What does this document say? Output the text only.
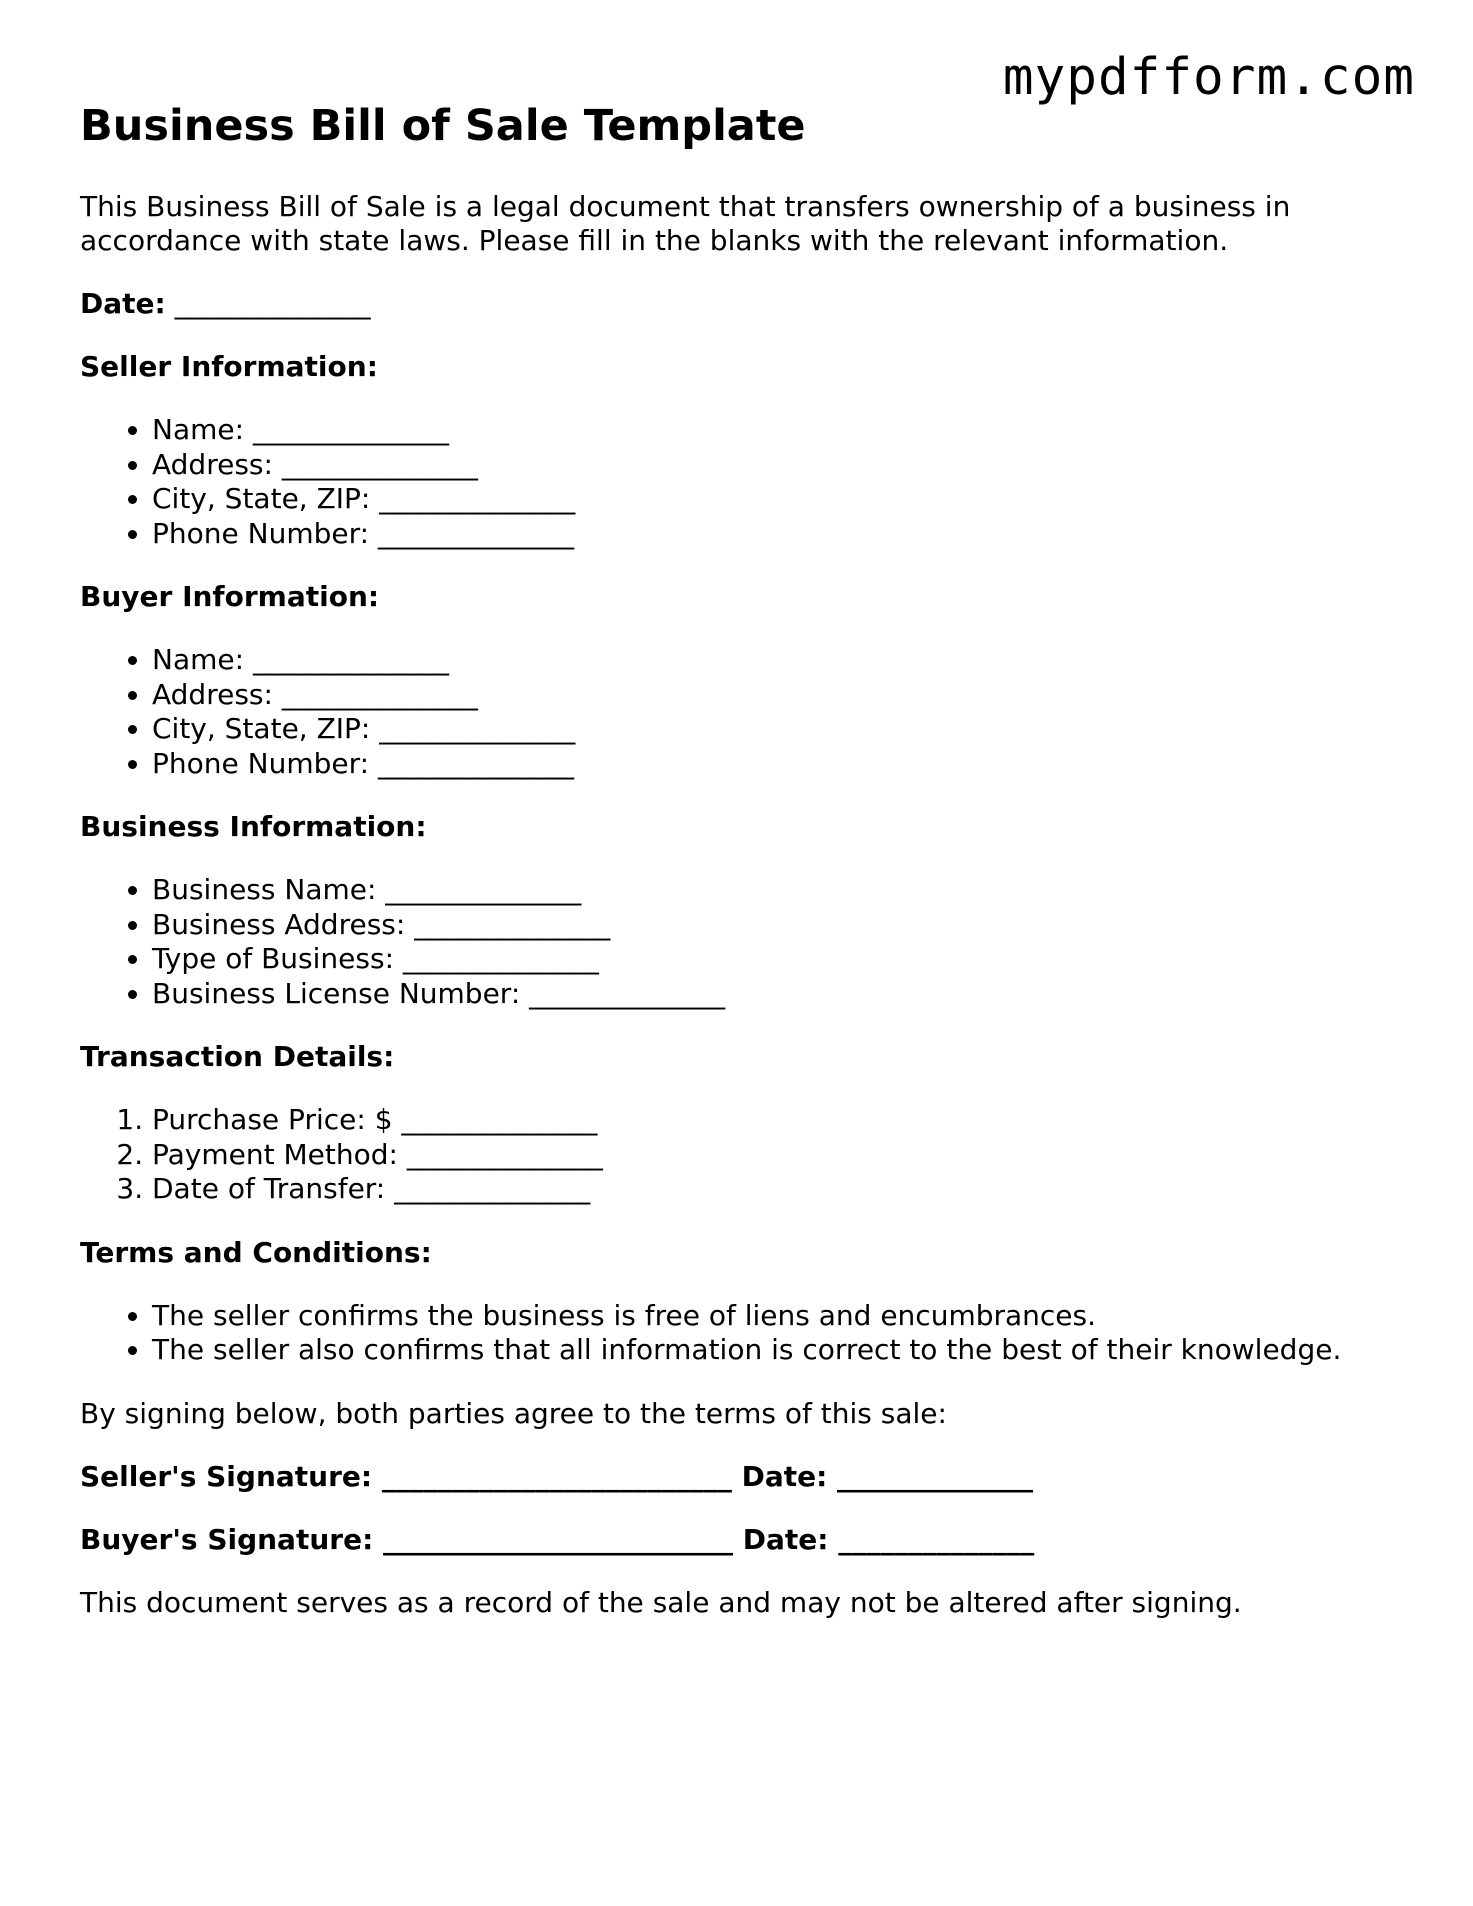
mypdfform.com
Business Bill of Sale Template

This Business Bill of Sale is a legal document that transfers ownership of a business in accordance with state laws. Please fill in the blanks with the relevant information.

Date: ______________

Seller Information:

• Name: ______________
• Address: ______________
• City, State, ZIP: ______________
• Phone Number: ______________

Buyer Information:

• Name: ______________
• Address: ______________
• City, State, ZIP: ______________
• Phone Number: ______________

Business Information:

• Business Name: ______________
• Business Address: ______________
• Type of Business: ______________
• Business License Number: ______________

Transaction Details:

1. Purchase Price: $ ______________
2. Payment Method: ______________
3. Date of Transfer: ______________

Terms and Conditions:

• The seller confirms the business is free of liens and encumbrances.
• The seller also confirms that all information is correct to the best of their knowledge.

By signing below, both parties agree to the terms of this sale:

Seller's Signature: _________________________ Date: ______________

Buyer's Signature: _________________________ Date: ______________

This document serves as a record of the sale and may not be altered after signing.
